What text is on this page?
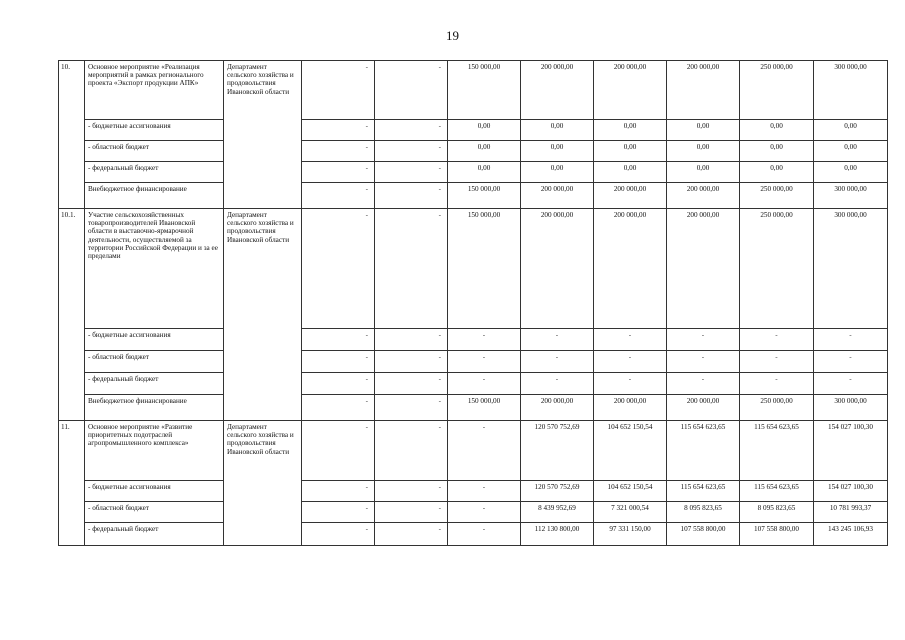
19
10.	Основное мероприятие «Реализация мероприятий в рамках регионального проекта «Экспорт продукции АПК»	Департамент сельского хозяйства и продовольствия Ивановской области	-	-	150 000,00	200 000,00	200 000,00	200 000,00	250 000,00	300 000,00
	- бюджетные ассигнования		-	-	0,00	0,00	0,00	0,00	0,00	0,00
	- областной бюджет		-	-	0,00	0,00	0,00	0,00	0,00	0,00
	- федеральный бюджет		-	-	0,00	0,00	0,00	0,00	0,00	0,00
	Внебюджетное финансирование		-	-	150 000,00	200 000,00	200 000,00	200 000,00	250 000,00	300 000,00
10.1.	Участие сельскохозяйственных товаропроизводителей Ивановской области в выставочно-ярмарочной деятельности, осуществляемой за территории Российской Федерации и за ее пределами	Департамент сельского хозяйства и продовольствия Ивановской области	-	-	150 000,00	200 000,00	200 000,00	200 000,00	250 000,00	300 000,00
	- бюджетные ассигнования		-	-	-	-	-	-	-	-
	- областной бюджет		-	-	-	-	-	-	-	-
	- федеральный бюджет		-	-	-	-	-	-	-	-
	Внебюджетное финансирование		-	-	150 000,00	200 000,00	200 000,00	200 000,00	250 000,00	300 000,00
11.	Основное мероприятие «Развитие приоритетных подотраслей агропромышленного комплекса»	Департамент сельского хозяйства и продовольствия Ивановской области	-	-	-	120 570 752,69	104 652 150,54	115 654 623,65	115 654 623,65	154 027 100,30
	- бюджетные ассигнования		-	-	-	120 570 752,69	104 652 150,54	115 654 623,65	115 654 623,65	154 027 100,30
	- областной бюджет		-	-	-	8 439 952,69	7 321 000,54	8 095 823,65	8 095 823,65	10 781 993,37
	- федеральный бюджет		-	-	-	112 130 800,00	97 331 150,00	107 558 800,00	107 558 800,00	143 245 106,93
